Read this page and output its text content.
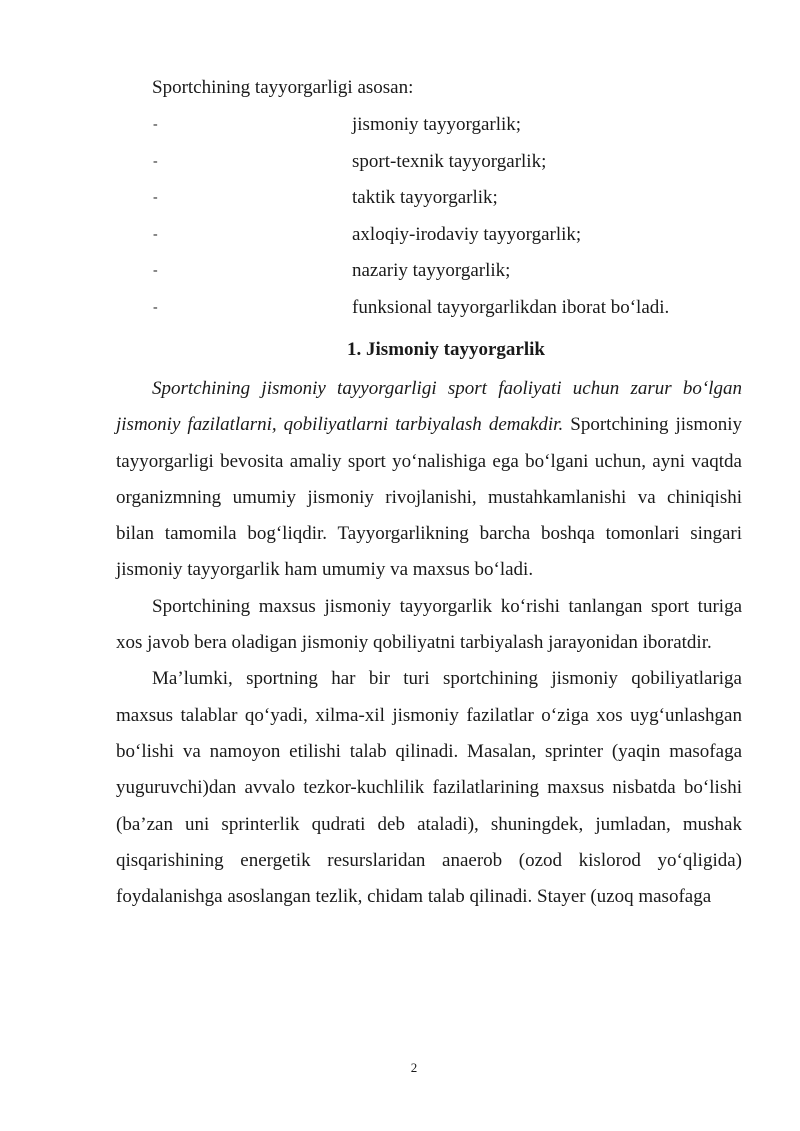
Sportchining tayyorgarligi asosan:
-	jismoniy tayyorgarlik;
-	sport-texnik tayyorgarlik;
-	taktik tayyorgarlik;
-	axloqiy-irodaviy tayyorgarlik;
-	nazariy tayyorgarlik;
-	funksional tayyorgarlikdan iborat bo‘ladi.
1. Jismoniy tayyorgarlik

Sportchining jismoniy tayyorgarligi sport faoliyati uchun zarur bo‘lgan jismoniy fazilatlarni, qobiliyatlarni tarbiyalash demakdir. Sportchining jismoniy tayyorgarligi bevosita amaliy sport yo‘nalishiga ega bo‘lgani uchun, ayni vaqtda organizmning umumiy jismoniy rivojlanishi, mustahkamlanishi va chiniqishi bilan tamomila bog‘liqdir. Tayyorgarlikning barcha boshqa tomonlari singari jismoniy tayyorgarlik ham umumiy va maxsus bo‘ladi.

Sportchining maxsus jismoniy tayyorgarlik ko‘rishi tanlangan sport turiga xos javob bera oladigan jismoniy qobiliyatni tarbiyalash jarayonidan iboratdir.

Ma’lumki, sportning har bir turi sportchining jismoniy qobiliyatlariga maxsus talablar qo‘yadi, xilma-xil jismoniy fazilatlar o‘ziga xos uyg‘unlashgan bo‘lishi va namoyon etilishi talab qilinadi. Masalan, sprinter (yaqin masofaga yuguruvchi)dan avvalo tezkor-kuchlilik fazilatlarining maxsus nisbatda bo‘lishi (ba’zan uni sprinterlik qudrati deb ataladi), shuningdek, jumladan, mushak qisqarishining energetik resurslaridan anaerob (ozod kislorod yo‘qligida) foydalanishga asoslangan tezlik, chidam talab qilinadi. Stayer (uzoq masofaga

2
